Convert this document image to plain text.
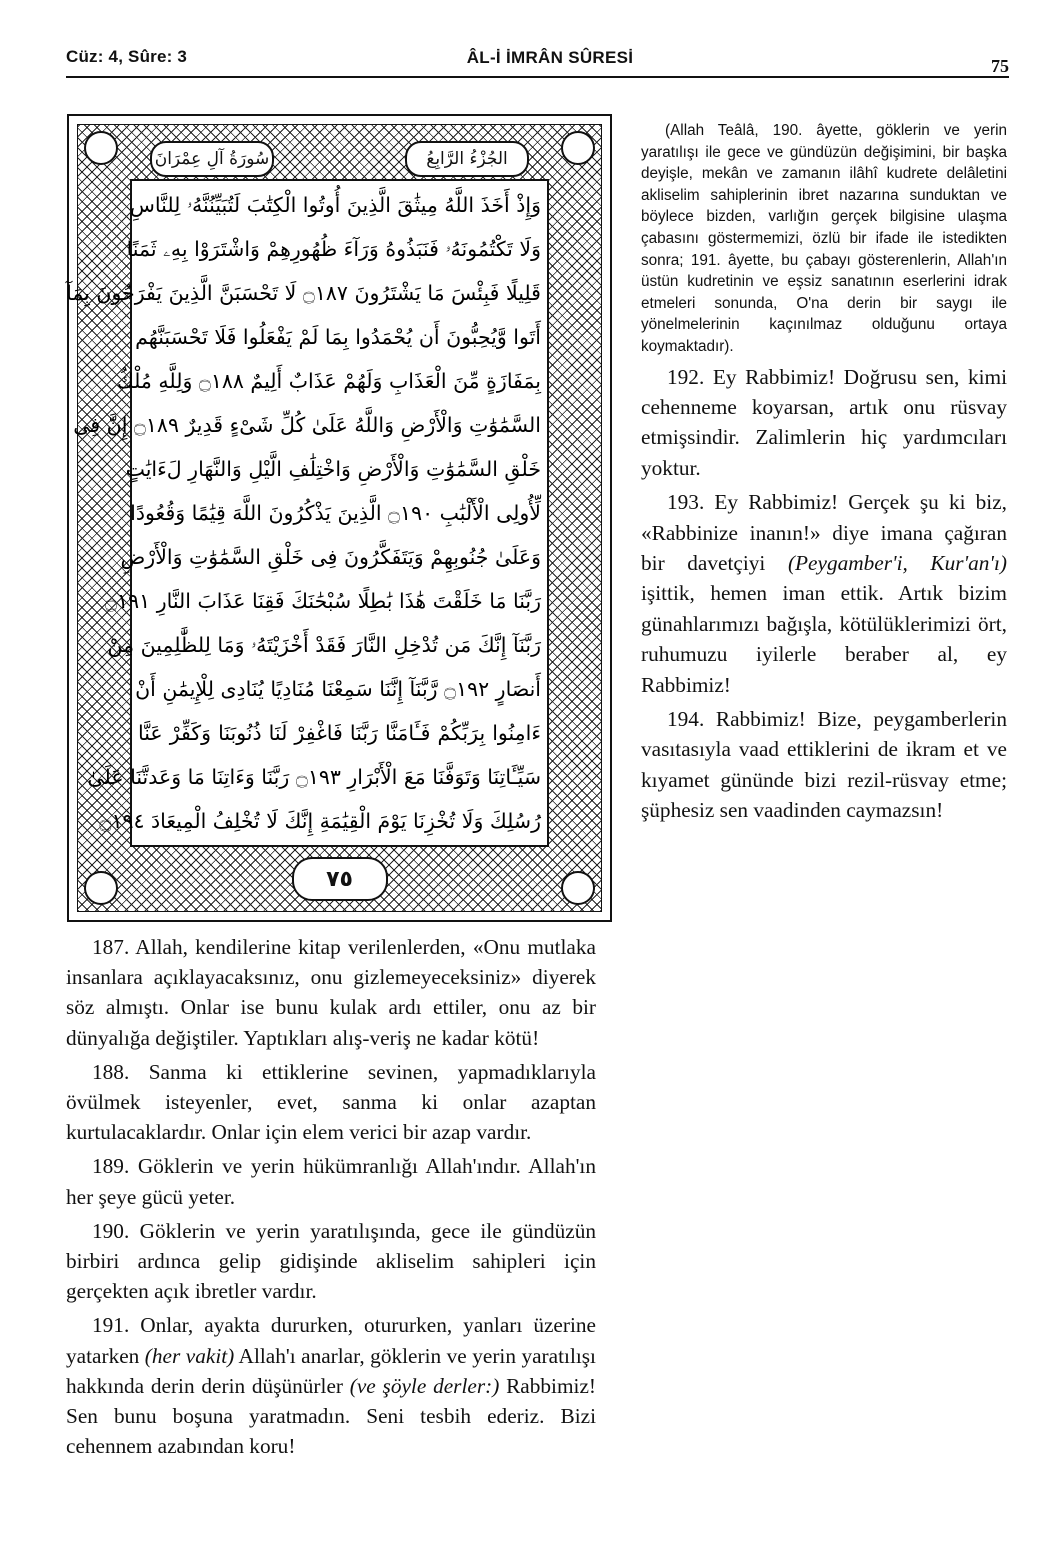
Cüz: 4, Sûre: 3	ÂL-İ İMRÂN SÛRESİ	75
سُورَةُ آلِ عِمْرَانَ	الجُزْءُ الرَّابِعُ
وَإِذْ أَخَذَ اللَّهُ مِيثَٰقَ الَّذِينَ أُوتُوا الْكِتَٰبَ لَتُبَيِّنُنَّهُۥ لِلنَّاسِ
وَلَا تَكْتُمُونَهُۥ فَنَبَذُوهُ وَرَآءَ ظُهُورِهِمْ وَاشْتَرَوْا بِهِۦ ثَمَنًا
قَلِيلًا فَبِئْسَ مَا يَشْتَرُونَ ۝١٨٧ لَا تَحْسَبَنَّ الَّذِينَ يَفْرَحُونَ بِمَآ
أَتَوا وَّيُحِبُّونَ أَن يُحْمَدُوا بِمَا لَمْ يَفْعَلُوا فَلَا تَحْسَبَنَّهُم
بِمَفَازَةٍ مِّنَ الْعَذَابِ وَلَهُمْ عَذَابٌ أَلِيمٌ ۝١٨٨ وَلِلَّهِ مُلْكُ
السَّمَٰوَٰتِ وَالْأَرْضِ وَاللَّهُ عَلَىٰ كُلِّ شَىْءٍ قَدِيرٌ ۝١٨٩ إِنَّ فِى
خَلْقِ السَّمَٰوَٰتِ وَالْأَرْضِ وَاخْتِلَٰفِ الَّيْلِ وَالنَّهَارِ لَءَايَٰتٍ
لِّأُولِى الْأَلْبَٰبِ ۝١٩٠ الَّذِينَ يَذْكُرُونَ اللَّهَ قِيَٰمًا وَقُعُودًا
وَعَلَىٰ جُنُوبِهِمْ وَيَتَفَكَّرُونَ فِى خَلْقِ السَّمَٰوَٰتِ وَالْأَرْضِ
رَبَّنَا مَا خَلَقْتَ هَٰذَا بَٰطِلًا سُبْحَٰنَكَ فَقِنَا عَذَابَ النَّارِ ۝١٩١
رَبَّنَآ إِنَّكَ مَن تُدْخِلِ النَّارَ فَقَدْ أَخْزَيْتَهُۥ وَمَا لِلظَّٰلِمِينَ مِنْ
أَنصَارٍ ۝١٩٢ رَّبَّنَآ إِنَّنَا سَمِعْنَا مُنَادِيًا يُنَادِى لِلْإِيمَٰنِ أَنْ
ءَامِنُوا بِرَبِّكُمْ فَـَٔامَنَّا رَبَّنَا فَاغْفِرْ لَنَا ذُنُوبَنَا وَكَفِّرْ عَنَّا
سَيِّـَٔاتِنَا وَتَوَفَّنَا مَعَ الْأَبْرَارِ ۝١٩٣ رَبَّنَا وَءَاتِنَا مَا وَعَدتَّنَا عَلَىٰ
رُسُلِكَ وَلَا تُخْزِنَا يَوْمَ الْقِيَٰمَةِ إِنَّكَ لَا تُخْلِفُ الْمِيعَادَ ۝١٩٤
٧٥

(Allah Teâlâ, 190. âyette, göklerin ve yerin yaratılışı ile gece ve gündüzün değişimini, bir başka deyişle, mekân ve zamanın ilâhî kudrete delâletini akliselim sahiplerinin ibret nazarına sunduktan ve böylece bizden, varlığın gerçek bilgisine ulaşma çabasını göstermemizi, özlü bir ifade ile istedikten sonra; 191. âyette, bu çabayı gösterenlerin, Allah'ın üstün kudretinin ve eşsiz sanatının eserlerini idrak etmeleri sonunda, O'na derin bir saygı ile yönelmelerinin kaçınılmaz olduğunu ortaya koymaktadır).

192. Ey Rabbimiz! Doğrusu sen, kimi cehenneme koyarsan, artık onu rüsvay etmişsindir. Zalimlerin hiç yardımcıları yoktur.

193. Ey Rabbimiz! Gerçek şu ki biz, «Rabbinize inanın!» diye imana çağıran bir davetçiyi (Peygamber'i, Kur'an'ı) işittik, hemen iman ettik. Artık bizim günahlarımızı bağışla, kötülüklerimizi ört, ruhumuzu iyilerle beraber al, ey Rabbimiz!

194. Rabbimiz! Bize, peygamberlerin vasıtasıyla vaad ettiklerini de ikram et ve kıyamet gününde bizi rezil-rüsvay etme; şüphesiz sen vaadinden caymazsın!

187. Allah, kendilerine kitap verilenlerden, «Onu mutlaka insanlara açıklayacaksınız, onu gizlemeyeceksiniz» diyerek söz almıştı. Onlar ise bunu kulak ardı ettiler, onu az bir dünyalığa değiştiler. Yaptıkları alış-veriş ne kadar kötü!

188. Sanma ki ettiklerine sevinen, yapmadıklarıyla övülmek isteyenler, evet, sanma ki onlar azaptan kurtulacaklardır. Onlar için elem verici bir azap vardır.

189. Göklerin ve yerin hükümranlığı Allah'ındır. Allah'ın her şeye gücü yeter.

190. Göklerin ve yerin yaratılışında, gece ile gündüzün birbiri ardınca gelip gidişinde akliselim sahipleri için gerçekten açık ibretler vardır.

191. Onlar, ayakta dururken, otururken, yanları üzerine yatarken (her vakit) Allah'ı anarlar, göklerin ve yerin yaratılışı hakkında derin derin düşünürler (ve şöyle derler:) Rabbimiz! Sen bunu boşuna yaratmadın. Seni tesbih ederiz. Bizi cehennem azabından koru!
